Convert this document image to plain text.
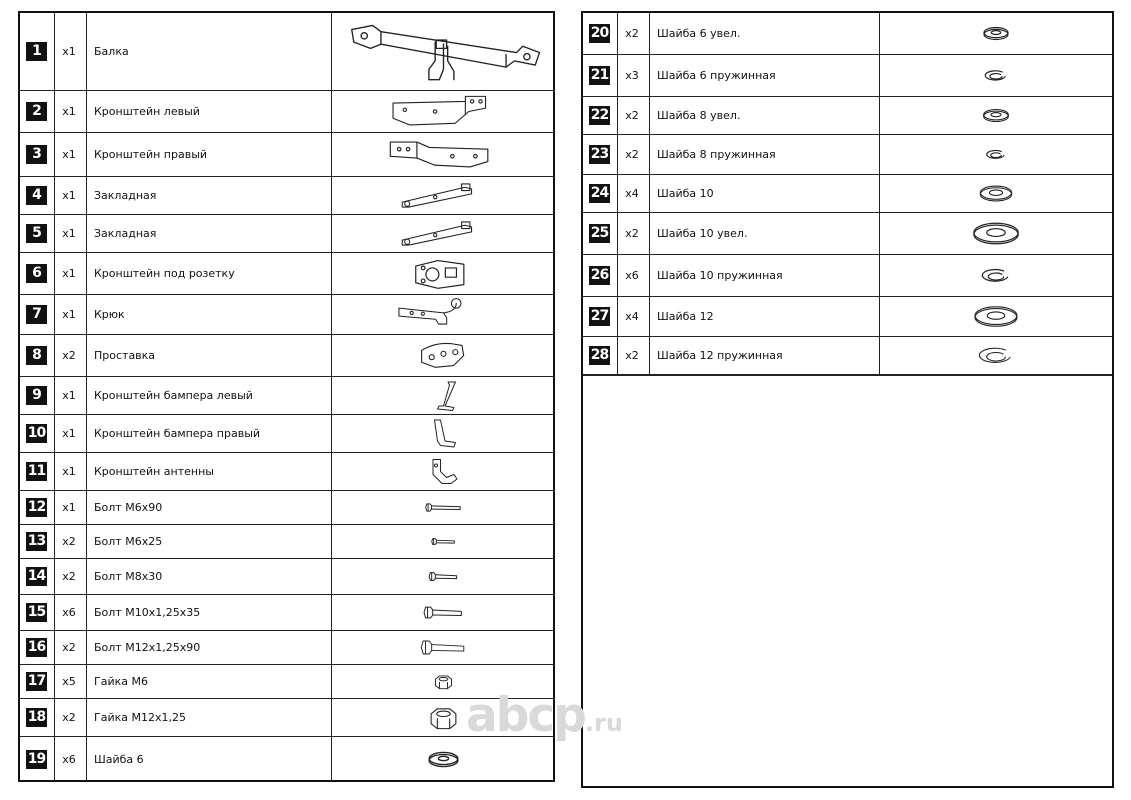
1	x1	Балка
2	x1	Кронштейн левый
3	x1	Кронштейн правый
4	x1	Закладная
5	x1	Закладная
6	x1	Кронштейн под розетку
7	x1	Крюк
8	x2	Проставка
9	x1	Кронштейн бампера левый
10	x1	Кронштейн бампера правый
11	x1	Кронштейн антенны
12	x1	Болт М6х90
13	x2	Болт М6х25
14	x2	Болт М8х30
15	x6	Болт М10х1,25х35
16	x2	Болт М12х1,25х90
17	x5	Гайка М6
18	x2	Гайка М12х1,25
19	x6	Шайба 6
20	x2	Шайба 6 увел.
21	x3	Шайба 6 пружинная
22	x2	Шайба 8 увел.
23	x2	Шайба 8 пружинная
24	x4	Шайба 10
25	x2	Шайба 10 увел.
26	x6	Шайба 10 пружинная
27	x4	Шайба 12
28	x2	Шайба 12 пружинная
abcp.ru
